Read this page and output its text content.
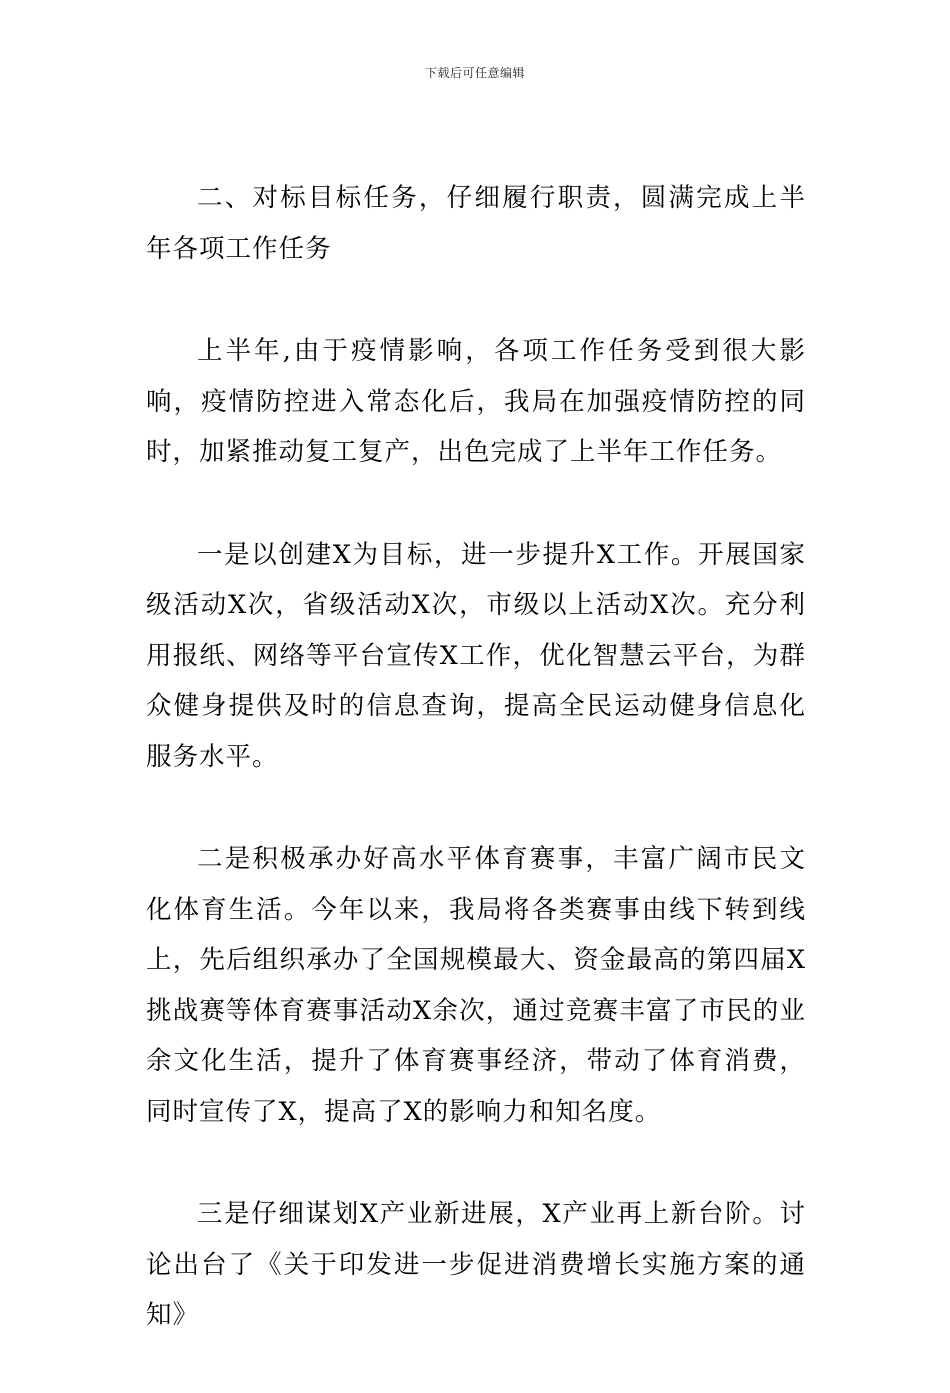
下载后可任意编辑

二、对标目标任务，仔细履行职责，圆满完成上半年各项工作任务

上半年,由于疫情影响，各项工作任务受到很大影响，疫情防控进入常态化后，我局在加强疫情防控的同时，加紧推动复工复产，出色完成了上半年工作任务。

一是以创建X为目标，进一步提升X工作。开展国家级活动X次，省级活动X次，市级以上活动X次。充分利用报纸、网络等平台宣传X工作，优化智慧云平台，为群众健身提供及时的信息查询，提高全民运动健身信息化服务水平。

二是积极承办好高水平体育赛事，丰富广阔市民文化体育生活。今年以来，我局将各类赛事由线下转到线上，先后组织承办了全国规模最大、资金最高的第四届X挑战赛等体育赛事活动X余次，通过竞赛丰富了市民的业余文化生活，提升了体育赛事经济，带动了体育消费，同时宣传了X，提高了X的影响力和知名度。

三是仔细谋划X产业新进展，X产业再上新台阶。讨论出台了《关于印发进一步促进消费增长实施方案的通知》
